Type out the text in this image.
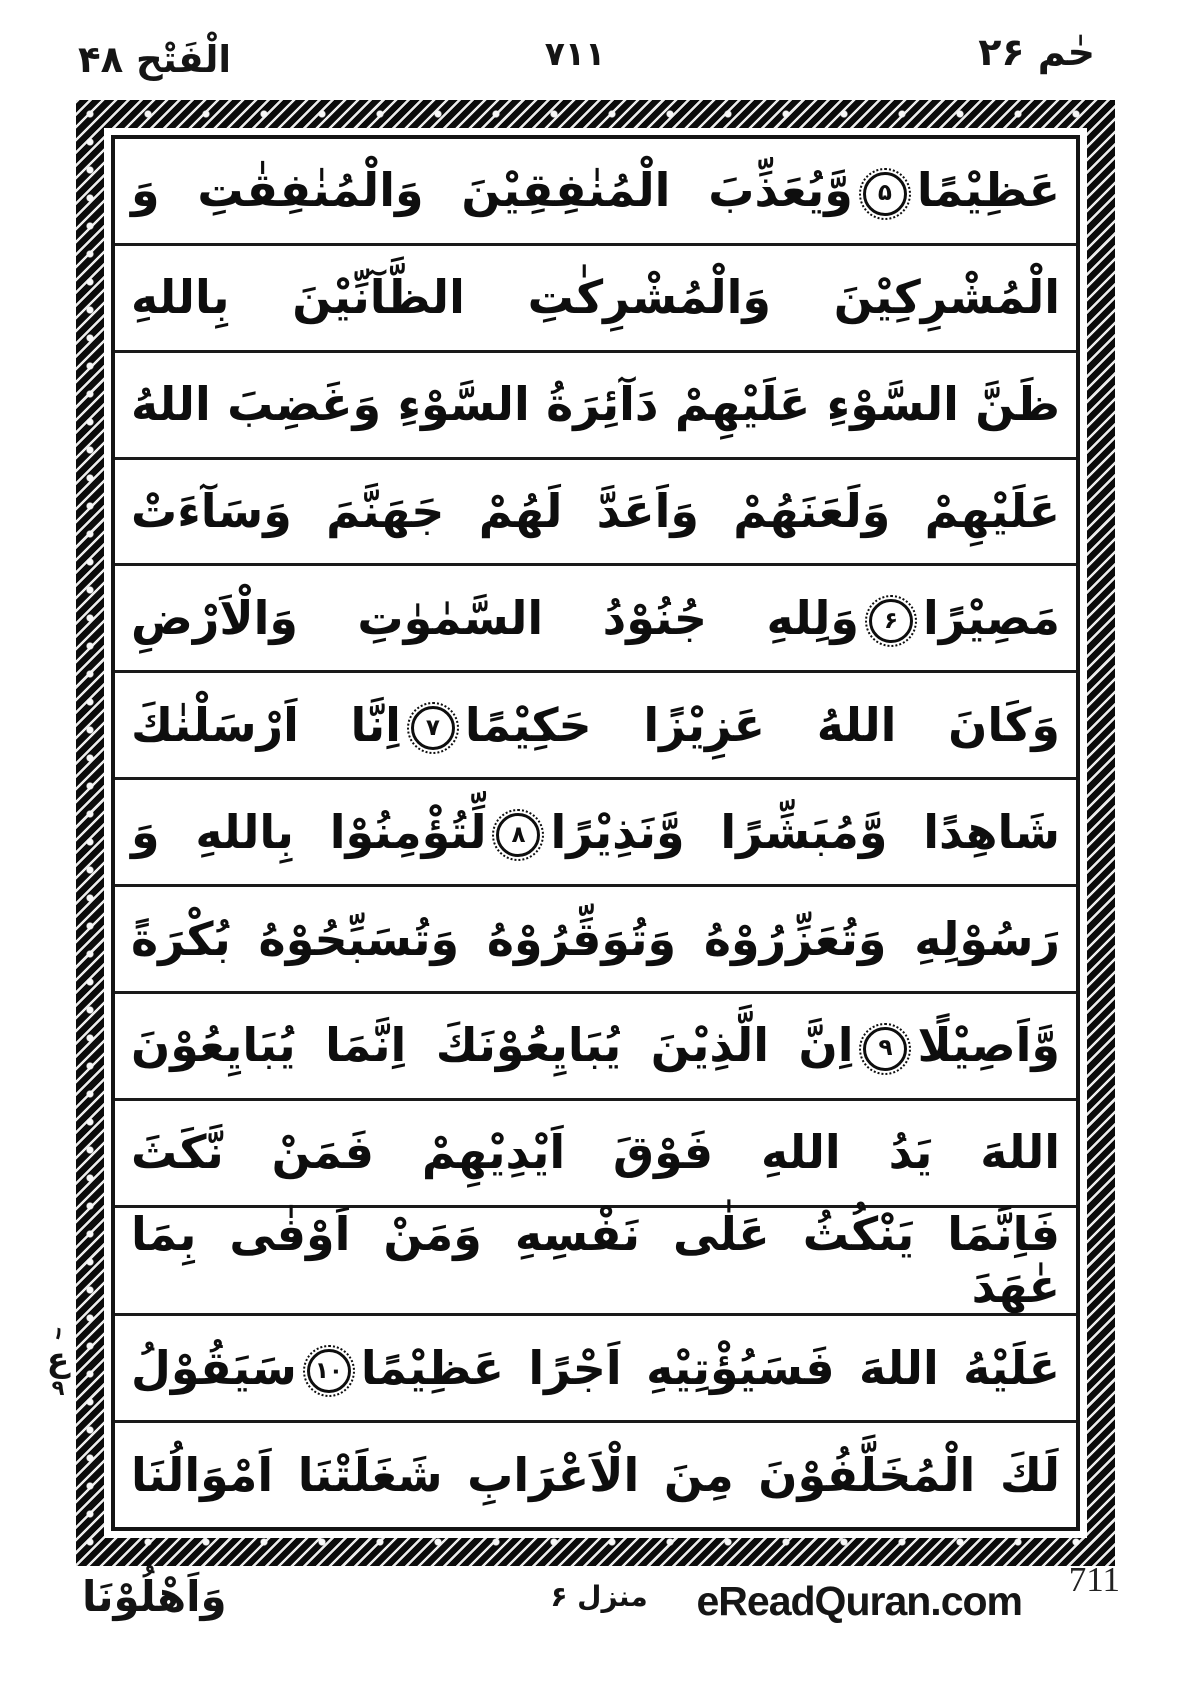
الْفَتْح ۴۸	۷۱۱	حٰم ۲۶
عَظِيْمًا۵وَّيُعَذِّبَ الْمُنٰفِقِيْنَ وَالْمُنٰفِقٰتِ وَ
الْمُشْرِكِيْنَ وَالْمُشْرِكٰتِ الظَّآنِّيْنَ بِاللهِ
ظَنَّ السَّوْءِ عَلَيْهِمْ دَآئِرَةُ السَّوْءِ وَغَضِبَ اللهُ
عَلَيْهِمْ وَلَعَنَهُمْ وَاَعَدَّ لَهُمْ جَهَنَّمَ وَسَآءَتْ
مَصِيْرًا۶وَلِلهِ جُنُوْدُ السَّمٰوٰتِ وَالْاَرْضِ
وَكَانَ اللهُ عَزِيْزًا حَكِيْمًا۷اِنَّا اَرْسَلْنٰكَ
شَاهِدًا وَّمُبَشِّرًا وَّنَذِيْرًا۸لِّتُؤْمِنُوْا بِاللهِ وَ
رَسُوْلِهِ وَتُعَزِّرُوْهُ وَتُوَقِّرُوْهُ وَتُسَبِّحُوْهُ بُكْرَةً
وَّاَصِيْلًا۹اِنَّ الَّذِيْنَ يُبَايِعُوْنَكَ اِنَّمَا يُبَايِعُوْنَ
اللهَ يَدُ اللهِ فَوْقَ اَيْدِيْهِمْ فَمَنْ نَّكَثَ
فَاِنَّمَا يَنْكُثُ عَلٰى نَفْسِهِ وَمَنْ اَوْفٰى بِمَا عٰهَدَ
عَلَيْهُ اللهَ فَسَيُؤْتِيْهِ اَجْرًا عَظِيْمًا۱۰سَيَقُوْلُ
لَكَ الْمُخَلَّفُوْنَ مِنَ الْاَعْرَابِ شَغَلَتْنَا اَمْوَالُنَا
۱
ع
۹
وَاَهْلُوْنَا	منزل ۶	eReadQuran.com 711
